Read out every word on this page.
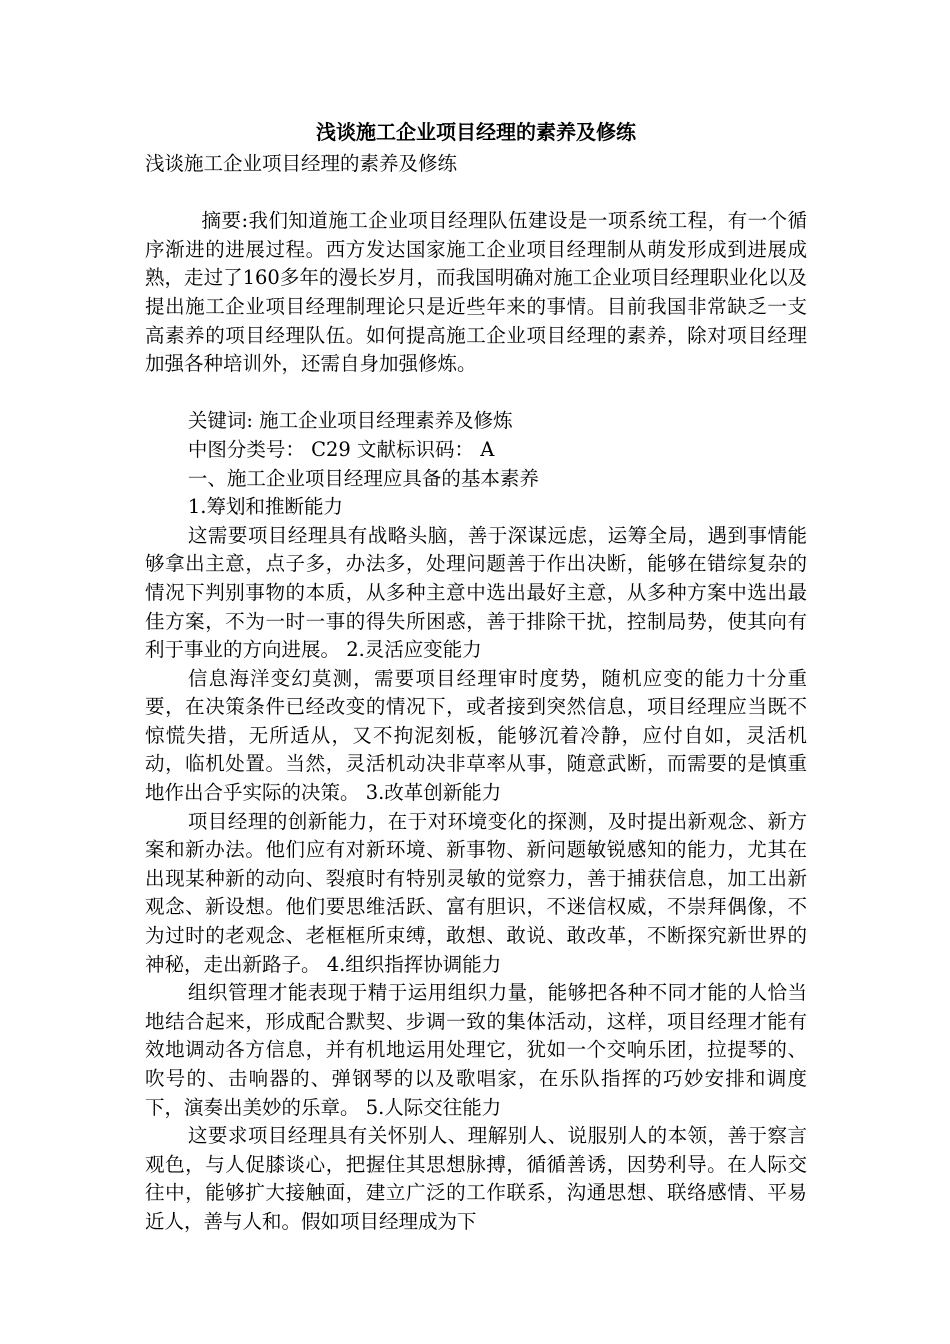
浅谈施工企业项目经理的素养及修练

浅谈施工企业项目经理的素养及修练

摘要:我们知道施工企业项目经理队伍建设是一项系统工程，有一个循序渐进的进展过程。西方发达国家施工企业项目经理制从萌发形成到进展成熟，走过了160多年的漫长岁月，而我国明确对施工企业项目经理职业化以及提出施工企业项目经理制理论只是近些年来的事情。目前我国非常缺乏一支高素养的项目经理队伍。如何提高施工企业项目经理的素养，除对项目经理加强各种培训外，还需自身加强修炼。

关键词: 施工企业项目经理素养及修炼

中图分类号： C29 文献标识码： A

一、施工企业项目经理应具备的基本素养

1.筹划和推断能力

这需要项目经理具有战略头脑，善于深谋远虑，运筹全局，遇到事情能够拿出主意，点子多，办法多，处理问题善于作出决断，能够在错综复杂的情况下判别事物的本质，从多种主意中选出最好主意，从多种方案中选出最佳方案，不为一时一事的得失所困惑，善于排除干扰，控制局势，使其向有利于事业的方向进展。 2.灵活应变能力

信息海洋变幻莫测，需要项目经理审时度势，随机应变的能力十分重要，在决策条件已经改变的情况下，或者接到突然信息，项目经理应当既不惊慌失措，无所适从，又不拘泥刻板，能够沉着冷静，应付自如，灵活机动，临机处置。当然，灵活机动决非草率从事，随意武断，而需要的是慎重地作出合乎实际的决策。 3.改革创新能力

项目经理的创新能力，在于对环境变化的探测，及时提出新观念、新方案和新办法。他们应有对新环境、新事物、新问题敏锐感知的能力，尤其在出现某种新的动向、裂痕时有特别灵敏的觉察力，善于捕获信息，加工出新观念、新设想。他们要思维活跃、富有胆识，不迷信权威，不崇拜偶像，不为过时的老观念、老框框所束缚，敢想、敢说、敢改革，不断探究新世界的神秘，走出新路子。 4.组织指挥协调能力

组织管理才能表现于精于运用组织力量，能够把各种不同才能的人恰当地结合起来，形成配合默契、步调一致的集体活动，这样，项目经理才能有效地调动各方信息，并有机地运用处理它，犹如一个交响乐团，拉提琴的、吹号的、击响器的、弹钢琴的以及歌唱家，在乐队指挥的巧妙安排和调度下，演奏出美妙的乐章。 5.人际交往能力

这要求项目经理具有关怀别人、理解别人、说服别人的本领，善于察言观色，与人促膝谈心，把握住其思想脉搏，循循善诱，因势利导。在人际交往中，能够扩大接触面，建立广泛的工作联系，沟通思想、联络感情、平易近人，善与人和。假如项目经理成为下
